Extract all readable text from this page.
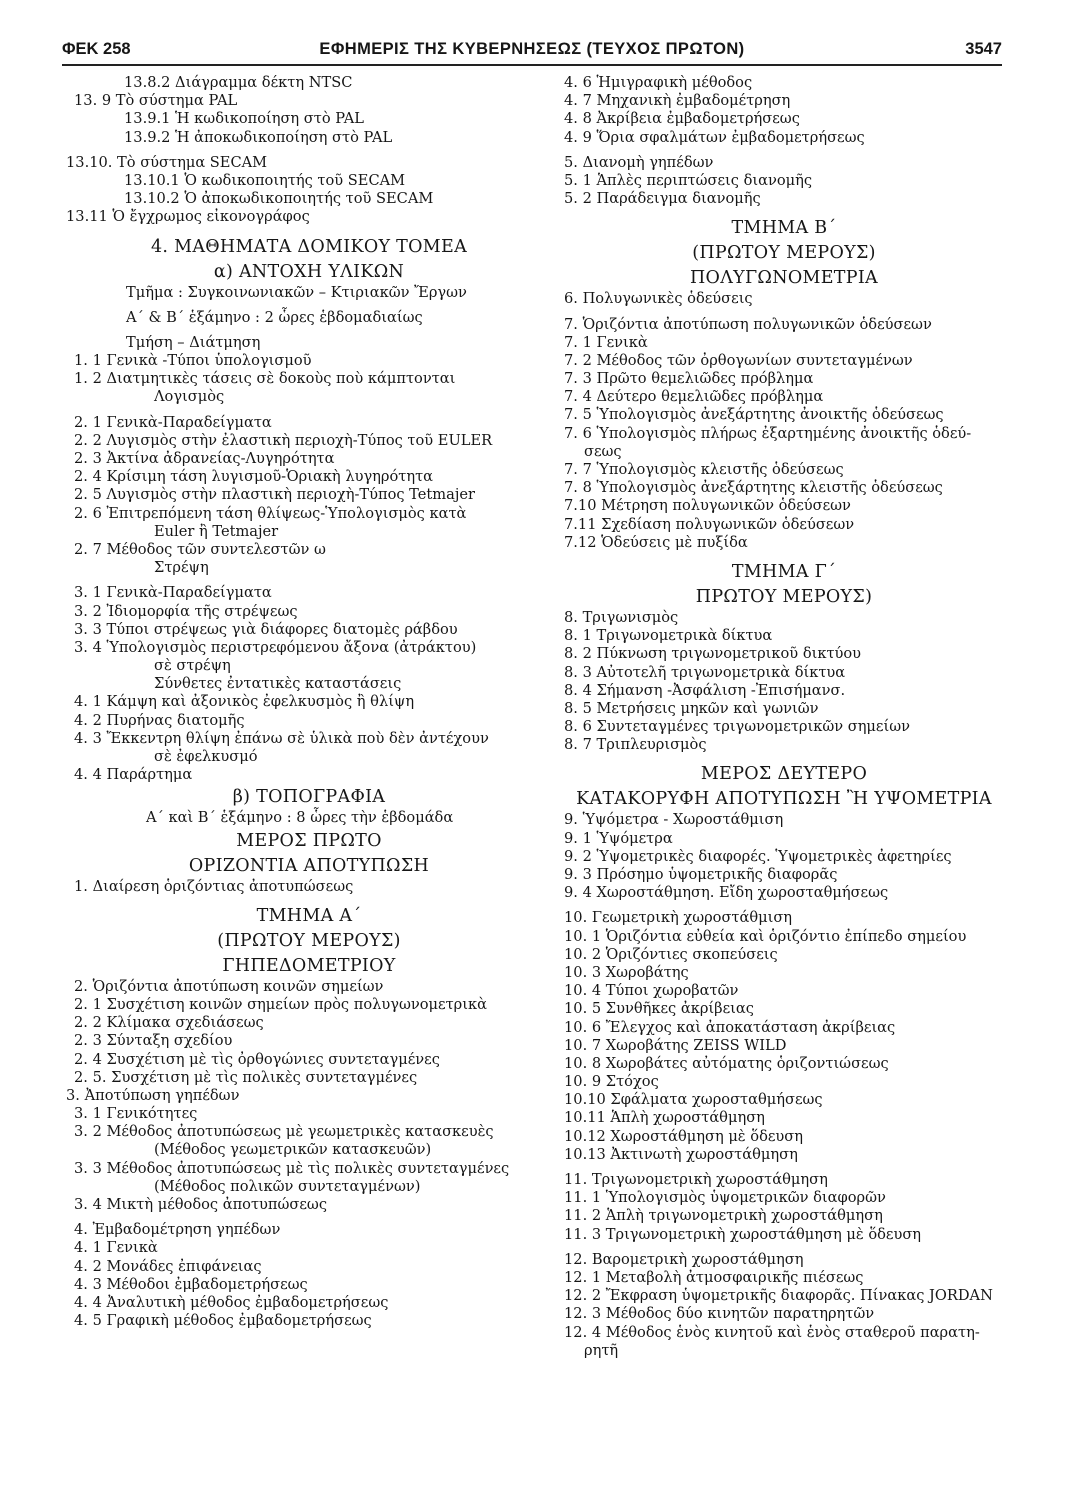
ΦΕΚ 258	ΕΦΗΜΕΡΙΣ ΤΗΣ ΚΥΒΕΡΝΗΣΕΩΣ (ΤΕΥΧΟΣ ΠΡΩΤΟΝ)	3547
13.8.2 Διάγραμμα δέκτη NTSC
13. 9 Τὸ σύστημα PAL
13.9.1 Ἡ κωδικοποίηση στὸ PAL
13.9.2 Ἡ ἀποκωδικοποίηση στὸ PAL
13.10. Τὸ σύστημα SECAM
13.10.1 Ὁ κωδικοποιητής τοῦ SECAM
13.10.2 Ὁ ἀποκωδικοποιητής τοῦ SECAM
13.11 Ὁ ἔγχρωμος εἰκονογράφος
4. ΜΑΘΗΜΑΤΑ ΔΟΜΙΚΟΥ ΤΟΜΕΑ
α) ΑΝΤΟΧΗ ΥΛΙΚΩΝ
Τμῆμα : Συγκοινωνιακῶν – Κτιριακῶν Ἔργων
Α΄ & Β΄ ἑξάμηνο : 2 ὧρες ἑβδομαδιαίως
Τμήση – Διάτμηση
1. 1 Γενικὰ -Τύποι ὑπολογισμοῦ
1. 2 Διατμητικὲς τάσεις σὲ δοκοὺς ποὺ κάμπτονται
Λογισμὸς
2. 1 Γενικὰ-Παραδείγματα
2. 2 Λυγισμὸς στὴν ἐλαστικὴ περιοχὴ-Τύπος τοῦ EULER
2. 3 Ἀκτίνα ἀδρανείας-Λυγηρότητα
2. 4 Κρίσιμη τάση λυγισμοῦ-Ὁριακὴ λυγηρότητα
2. 5 Λυγισμὸς στὴν πλαστικὴ περιοχὴ-Τύπος Tetmajer
2. 6 Ἐπιτρεπόμενη τάση θλίψεως-Ὑπολογισμὸς κατὰ
Euler ἢ Tetmajer
2. 7 Μέθοδος τῶν συντελεστῶν ω
Στρέψη
3. 1 Γενικὰ-Παραδείγματα
3. 2 Ἰδιομορφία τῆς στρέψεως
3. 3 Τύποι στρέψεως γιὰ διάφορες διατομὲς ράβδου
3. 4 Ὑπολογισμὸς περιστρεφόμενου ἄξονα (ἀτράκτου)
σὲ στρέψη
Σύνθετες ἐντατικὲς καταστάσεις
4. 1 Κάμψη καὶ ἀξονικὸς ἐφελκυσμὸς ἢ θλίψη
4. 2 Πυρήνας διατομῆς
4. 3 Ἔκκεντρη θλίψη ἐπάνω σὲ ὑλικὰ ποὺ δὲν ἀντέχουν
σὲ ἐφελκυσμό
4. 4 Παράρτημα
β) ΤΟΠΟΓΡΑΦΙΑ
Α΄ καὶ Β΄ ἑξάμηνο : 8 ὧρες τὴν ἑβδομάδα
ΜΕΡΟΣ ΠΡΩΤΟ
ΟΡΙΖΟΝΤΙΑ ΑΠΟΤΥΠΩΣΗ
1. Διαίρεση ὁριζόντιας ἀποτυπώσεως
ΤΜΗΜΑ Α΄
(ΠΡΩΤΟΥ ΜΕΡΟΥΣ)
ΓΗΠΕΔΟΜΕΤΡΙΟΥ
2. Ὁριζόντια ἀποτύπωση κοινῶν σημείων
2. 1 Συσχέτιση κοινῶν σημείων πρὸς πολυγωνομετρικὰ
2. 2 Κλίμακα σχεδιάσεως
2. 3 Σύνταξη σχεδίου
2. 4 Συσχέτιση μὲ τὶς ὀρθογώνιες συντεταγμένες
2. 5. Συσχέτιση μὲ τὶς πολικὲς συντεταγμένες
3. Ἀποτύπωση γηπέδων
3. 1 Γενικότητες
3. 2 Μέθοδος ἀποτυπώσεως μὲ γεωμετρικὲς κατασκευὲς
(Μέθοδος γεωμετρικῶν κατασκευῶν)
3. 3 Μέθοδος ἀποτυπώσεως μὲ τὶς πολικὲς συντεταγμένες
(Μέθοδος πολικῶν συντεταγμένων)
3. 4 Μικτὴ μέθοδος ἀποτυπώσεως
4. Ἐμβαδομέτρηση γηπέδων
4. 1 Γενικὰ
4. 2 Μονάδες ἐπιφάνειας
4. 3 Μέθοδοι ἐμβαδομετρήσεως
4. 4 Ἀναλυτικὴ μέθοδος ἐμβαδομετρήσεως
4. 5 Γραφικὴ μέθοδος ἐμβαδομετρήσεως
4. 6 Ἡμιγραφικὴ μέθοδος
4. 7 Μηχανικὴ ἐμβαδομέτρηση
4. 8 Ἀκρίβεια ἐμβαδομετρήσεως
4. 9 Ὅρια σφαλμάτων ἐμβαδομετρήσεως
5. Διανομὴ γηπέδων
5. 1 Ἁπλὲς περιπτώσεις διανομῆς
5. 2 Παράδειγμα διανομῆς
ΤΜΗΜΑ Β΄
(ΠΡΩΤΟΥ ΜΕΡΟΥΣ)
ΠΟΛΥΓΩΝΟΜΕΤΡΙΑ
6. Πολυγωνικὲς ὁδεύσεις
7. Ὁριζόντια ἀποτύπωση πολυγωνικῶν ὁδεύσεων
7. 1 Γενικὰ
7. 2 Μέθοδος τῶν ὀρθογωνίων συντεταγμένων
7. 3 Πρῶτο θεμελιῶδες πρόβλημα
7. 4 Δεύτερο θεμελιῶδες πρόβλημα
7. 5 Ὑπολογισμὸς ἀνεξάρτητης ἀνοικτῆς ὁδεύσεως
7. 6 Ὑπολογισμὸς πλήρως ἐξαρτημένης ἀνοικτῆς ὁδεύ-
σεως
7. 7 Ὑπολογισμὸς κλειστῆς ὁδεύσεως
7. 8 Ὑπολογισμὸς ἀνεξάρτητης κλειστῆς ὁδεύσεως
7.10 Μέτρηση πολυγωνικῶν ὁδεύσεων
7.11 Σχεδίαση πολυγωνικῶν ὁδεύσεων
7.12 Ὁδεύσεις μὲ πυξίδα
ΤΜΗΜΑ Γ΄
ΠΡΩΤΟΥ ΜΕΡΟΥΣ)
8. Τριγωνισμὸς
8. 1 Τριγωνομετρικὰ δίκτυα
8. 2 Πύκνωση τριγωνομετρικοῦ δικτύου
8. 3 Αὐτοτελῆ τριγωνομετρικὰ δίκτυα
8. 4 Σήμανση -Ἀσφάλιση -Ἐπισήμανσ.
8. 5 Μετρήσεις μηκῶν καὶ γωνιῶν
8. 6 Συντεταγμένες τριγωνομετρικῶν σημείων
8. 7 Τριπλευρισμὸς
ΜΕΡΟΣ ΔΕΥΤΕΡΟ
ΚΑΤΑΚΟΡΥΦΗ ΑΠΟΤΥΠΩΣΗ Ἢ ΥΨΟΜΕΤΡΙΑ
9. Ὑψόμετρα - Χωροστάθμιση
9. 1 Ὑψόμετρα
9. 2 Ὑψομετρικὲς διαφορές. Ὑψομετρικὲς ἀφετηρίες
9. 3 Πρόσημο ὑψομετρικῆς διαφορᾶς
9. 4 Χωροστάθμηση. Εἴδη χωροσταθμήσεως
10. Γεωμετρικὴ χωροστάθμιση
10. 1 Ὁριζόντια εὐθεία καὶ ὁριζόντιο ἐπίπεδο σημείου
10. 2 Ὁριζόντιες σκοπεύσεις
10. 3 Χωροβάτης
10. 4 Τύποι χωροβατῶν
10. 5 Συνθῆκες ἀκρίβειας
10. 6 Ἔλεγχος καὶ ἀποκατάσταση ἀκρίβειας
10. 7 Χωροβάτης ZEISS WILD
10. 8 Χωροβάτες αὐτόματης ὁριζοντιώσεως
10. 9 Στόχος
10.10 Σφάλματα χωροσταθμήσεως
10.11 Ἁπλὴ χωροστάθμηση
10.12 Χωροστάθμηση μὲ ὅδευση
10.13 Ἀκτινωτὴ χωροστάθμηση
11. Τριγωνομετρικὴ χωροστάθμηση
11. 1 Ὑπολογισμὸς ὑψομετρικῶν διαφορῶν
11. 2 Ἁπλὴ τριγωνομετρικὴ χωροστάθμηση
11. 3 Τριγωνομετρικὴ χωροστάθμηση μὲ ὅδευση
12. Βαρομετρικὴ χωροστάθμηση
12. 1 Μεταβολὴ ἀτμοσφαιρικῆς πιέσεως
12. 2 Ἔκφραση ὑψομετρικῆς διαφορᾶς. Πίνακας JORDAN
12. 3 Μέθοδος δύο κινητῶν παρατηρητῶν
12. 4 Μέθοδος ἑνὸς κινητοῦ καὶ ἑνὸς σταθεροῦ παρατη-
ρητῆ
